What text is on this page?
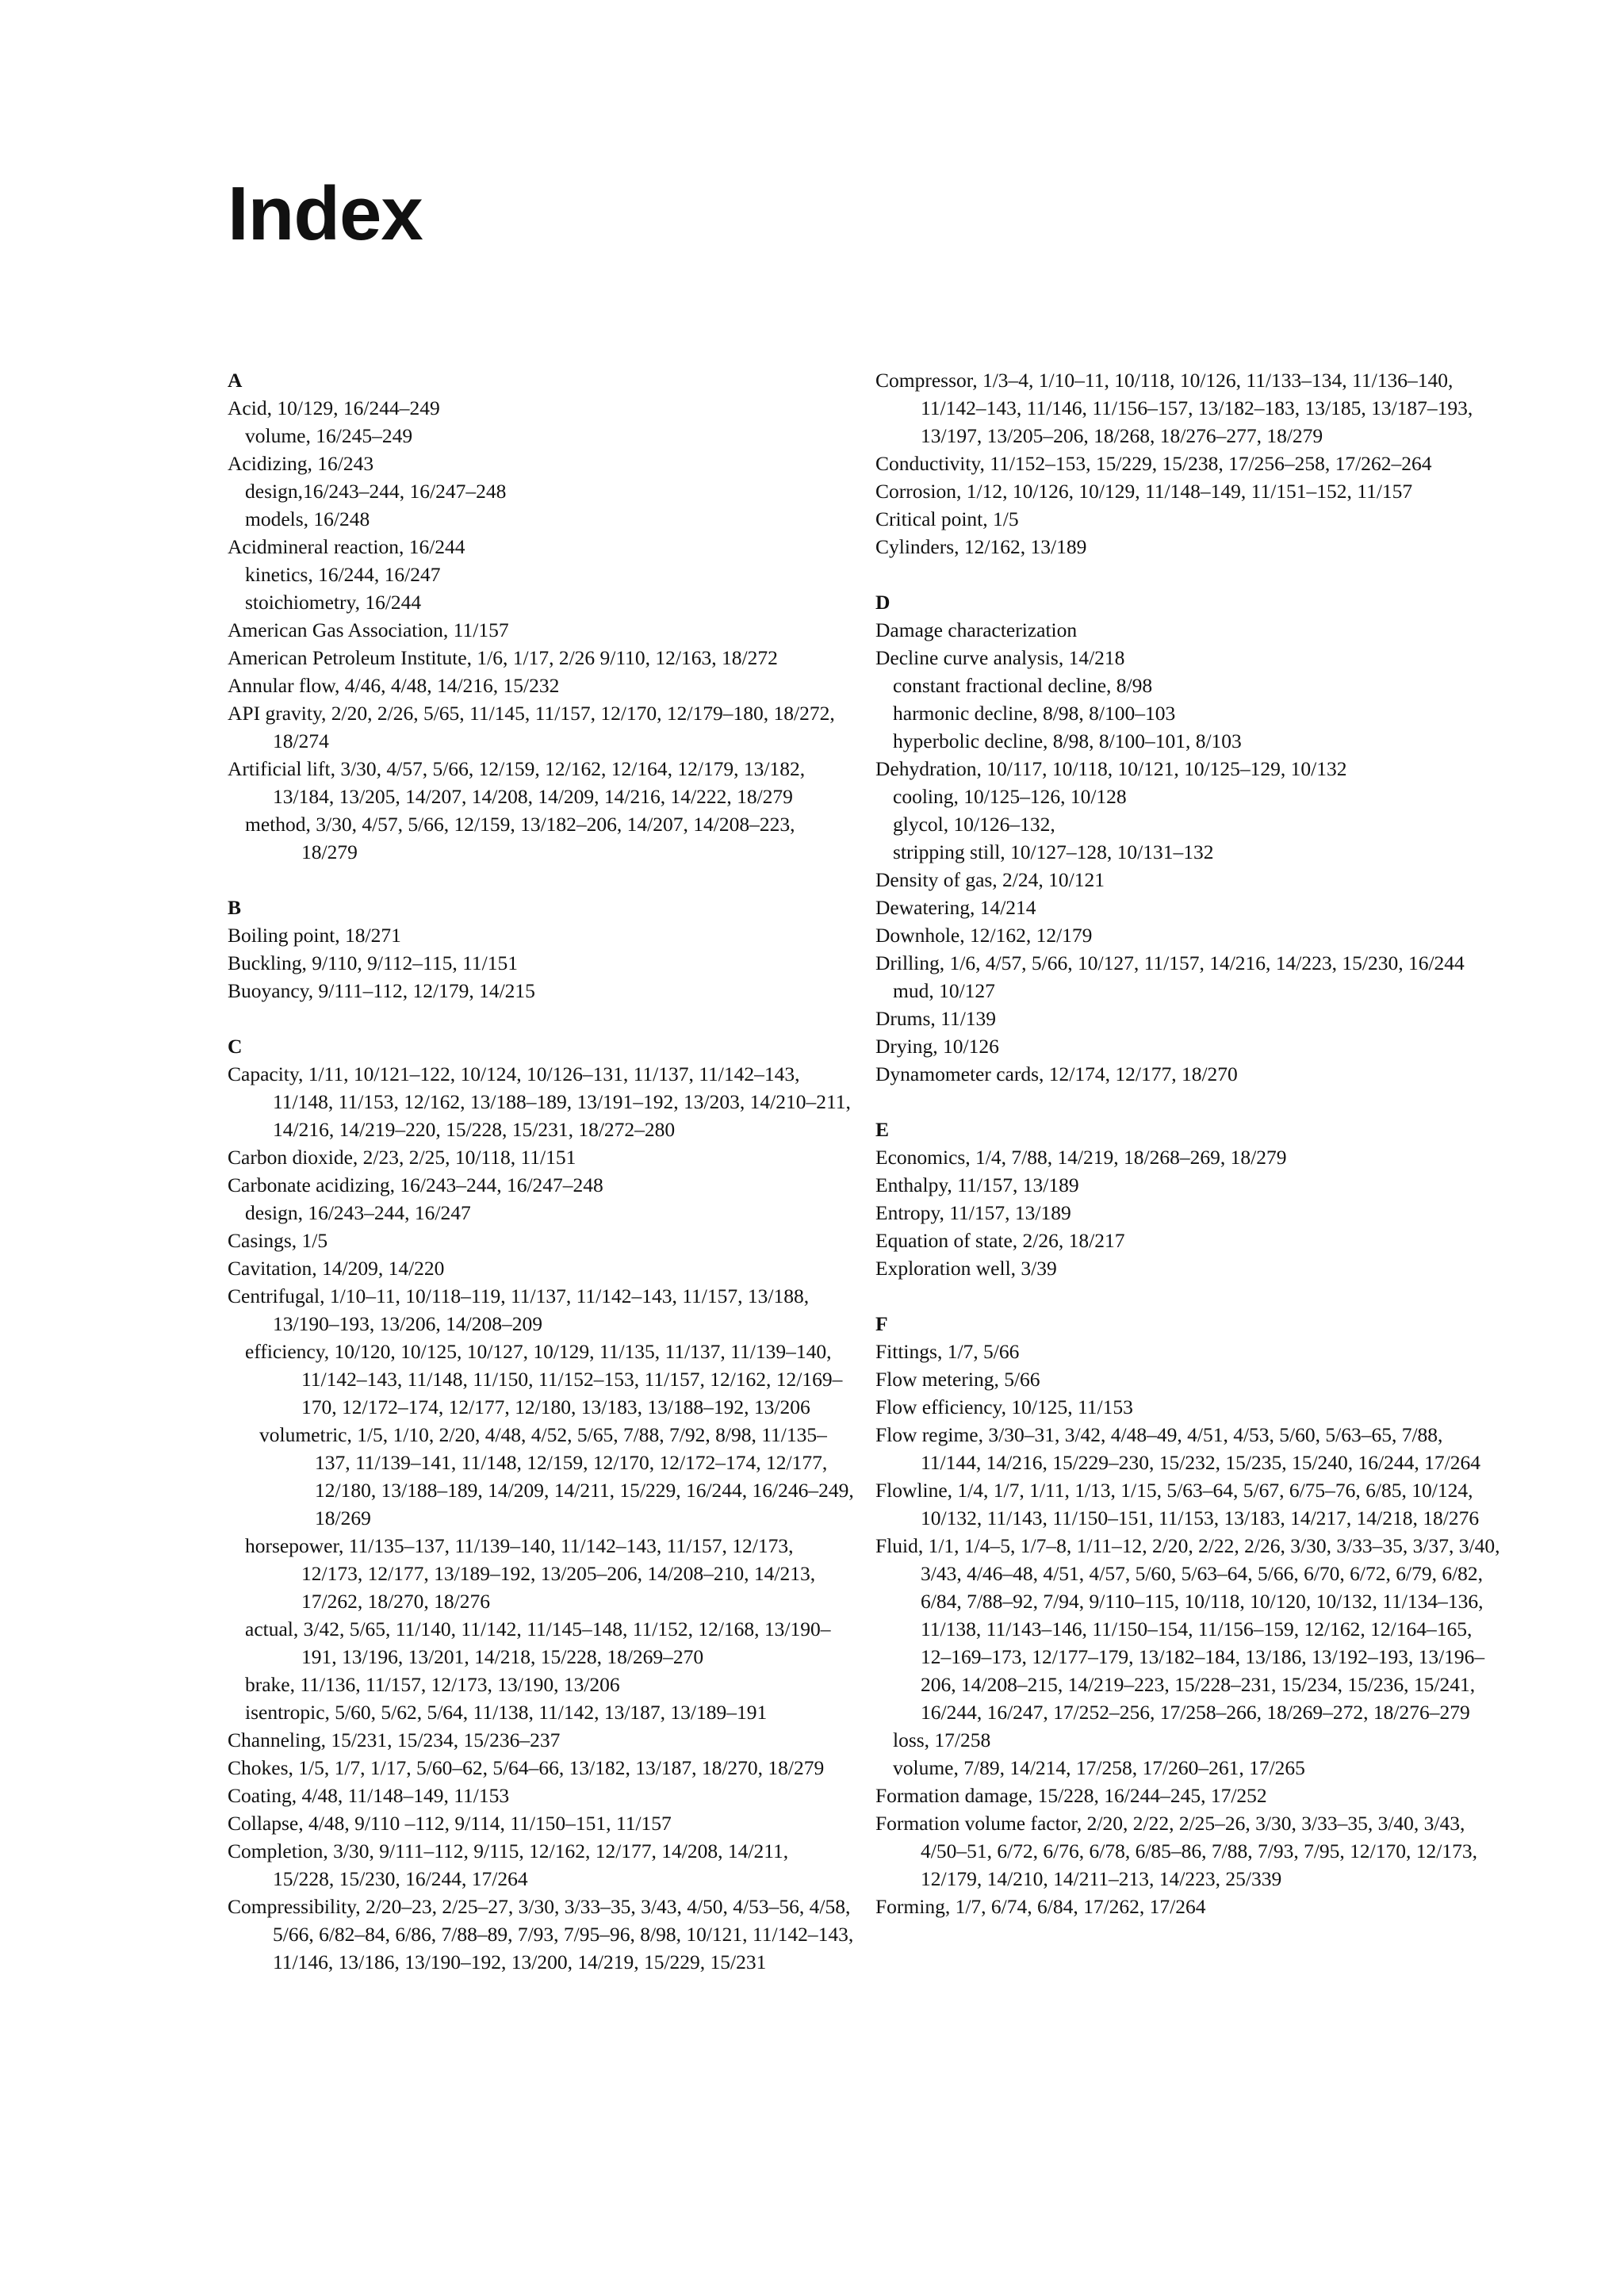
Index
A
Acid, 10/129, 16/244–249
volume, 16/245–249
Acidizing, 16/243
design,16/243–244, 16/247–248
models, 16/248
Acidmineral reaction, 16/244
kinetics, 16/244, 16/247
stoichiometry, 16/244
American Gas Association, 11/157
American Petroleum Institute, 1/6, 1/17, 2/26 9/110, 12/163, 18/272
Annular flow, 4/46, 4/48, 14/216, 15/232
API gravity, 2/20, 2/26, 5/65, 11/145, 11/157, 12/170, 12/179–180, 18/272, 18/274
Artificial lift, 3/30, 4/57, 5/66, 12/159, 12/162, 12/164, 12/179, 13/182, 13/184, 13/205, 14/207, 14/208, 14/209, 14/216, 14/222, 18/279
method, 3/30, 4/57, 5/66, 12/159, 13/182–206, 14/207, 14/208–223, 18/279
B
Boiling point, 18/271
Buckling, 9/110, 9/112–115, 11/151
Buoyancy, 9/111–112, 12/179, 14/215
C
Capacity, 1/11, 10/121–122, 10/124, 10/126–131, 11/137, 11/142–143, 11/148, 11/153, 12/162, 13/188–189, 13/191–192, 13/203, 14/210–211, 14/216, 14/219–220, 15/228, 15/231, 18/272–280
Carbon dioxide, 2/23, 2/25, 10/118, 11/151
Carbonate acidizing, 16/243–244, 16/247–248
design, 16/243–244, 16/247
Casings, 1/5
Cavitation, 14/209, 14/220
Centrifugal, 1/10–11, 10/118–119, 11/137, 11/142–143, 11/157, 13/188, 13/190–193, 13/206, 14/208–209
efficiency, 10/120, 10/125, 10/127, 10/129, 11/135, 11/137, 11/139–140, 11/142–143, 11/148, 11/150, 11/152–153, 11/157, 12/162, 12/169–170, 12/172–174, 12/177, 12/180, 13/183, 13/188–192, 13/206
volumetric, 1/5, 1/10, 2/20, 4/48, 4/52, 5/65, 7/88, 7/92, 8/98, 11/135–137, 11/139–141, 11/148, 12/159, 12/170, 12/172–174, 12/177, 12/180, 13/188–189, 14/209, 14/211, 15/229, 16/244, 16/246–249, 18/269
horsepower, 11/135–137, 11/139–140, 11/142–143, 11/157, 12/173, 12/173, 12/177, 13/189–192, 13/205–206, 14/208–210, 14/213, 17/262, 18/270, 18/276
actual, 3/42, 5/65, 11/140, 11/142, 11/145–148, 11/152, 12/168, 13/190–191, 13/196, 13/201, 14/218, 15/228, 18/269–270
brake, 11/136, 11/157, 12/173, 13/190, 13/206
isentropic, 5/60, 5/62, 5/64, 11/138, 11/142, 13/187, 13/189–191
Channeling, 15/231, 15/234, 15/236–237
Chokes, 1/5, 1/7, 1/17, 5/60–62, 5/64–66, 13/182, 13/187, 18/270, 18/279
Coating, 4/48, 11/148–149, 11/153
Collapse, 4/48, 9/110 –112, 9/114, 11/150–151, 11/157
Completion, 3/30, 9/111–112, 9/115, 12/162, 12/177, 14/208, 14/211, 15/228, 15/230, 16/244, 17/264
Compressibility, 2/20–23, 2/25–27, 3/30, 3/33–35, 3/43, 4/50, 4/53–56, 4/58, 5/66, 6/82–84, 6/86, 7/88–89, 7/93, 7/95–96, 8/98, 10/121, 11/142–143, 11/146, 13/186, 13/190–192, 13/200, 14/219, 15/229, 15/231
Compressor, 1/3–4, 1/10–11, 10/118, 10/126, 11/133–134, 11/136–140, 11/142–143, 11/146, 11/156–157, 13/182–183, 13/185, 13/187–193, 13/197, 13/205–206, 18/268, 18/276–277, 18/279
Conductivity, 11/152–153, 15/229, 15/238, 17/256–258, 17/262–264
Corrosion, 1/12, 10/126, 10/129, 11/148–149, 11/151–152, 11/157
Critical point, 1/5
Cylinders, 12/162, 13/189
D
Damage characterization
Decline curve analysis, 14/218
constant fractional decline, 8/98
harmonic decline, 8/98, 8/100–103
hyperbolic decline, 8/98, 8/100–101, 8/103
Dehydration, 10/117, 10/118, 10/121, 10/125–129, 10/132
cooling, 10/125–126, 10/128
glycol, 10/126–132,
stripping still, 10/127–128, 10/131–132
Density of gas, 2/24, 10/121
Dewatering, 14/214
Downhole, 12/162, 12/179
Drilling, 1/6, 4/57, 5/66, 10/127, 11/157, 14/216, 14/223, 15/230, 16/244
mud, 10/127
Drums, 11/139
Drying, 10/126
Dynamometer cards, 12/174, 12/177, 18/270
E
Economics, 1/4, 7/88, 14/219, 18/268–269, 18/279
Enthalpy, 11/157, 13/189
Entropy, 11/157, 13/189
Equation of state, 2/26, 18/217
Exploration well, 3/39
F
Fittings, 1/7, 5/66
Flow metering, 5/66
Flow efficiency, 10/125, 11/153
Flow regime, 3/30–31, 3/42, 4/48–49, 4/51, 4/53, 5/60, 5/63–65, 7/88, 11/144, 14/216, 15/229–230, 15/232, 15/235, 15/240, 16/244, 17/264
Flowline, 1/4, 1/7, 1/11, 1/13, 1/15, 5/63–64, 5/67, 6/75–76, 6/85, 10/124, 10/132, 11/143, 11/150–151, 11/153, 13/183, 14/217, 14/218, 18/276
Fluid, 1/1, 1/4–5, 1/7–8, 1/11–12, 2/20, 2/22, 2/26, 3/30, 3/33–35, 3/37, 3/40, 3/43, 4/46–48, 4/51, 4/57, 5/60, 5/63–64, 5/66, 6/70, 6/72, 6/79, 6/82, 6/84, 7/88–92, 7/94, 9/110–115, 10/118, 10/120, 10/132, 11/134–136, 11/138, 11/143–146, 11/150–154, 11/156–159, 12/162, 12/164–165, 12–169–173, 12/177–179, 13/182–184, 13/186, 13/192–193, 13/196–206, 14/208–215, 14/219–223, 15/228–231, 15/234, 15/236, 15/241, 16/244, 16/247, 17/252–256, 17/258–266, 18/269–272, 18/276–279
loss, 17/258
volume, 7/89, 14/214, 17/258, 17/260–261, 17/265
Formation damage, 15/228, 16/244–245, 17/252
Formation volume factor, 2/20, 2/22, 2/25–26, 3/30, 3/33–35, 3/40, 3/43, 4/50–51, 6/72, 6/76, 6/78, 6/85–86, 7/88, 7/93, 7/95, 12/170, 12/173, 12/179, 14/210, 14/211–213, 14/223, 25/339
Forming, 1/7, 6/74, 6/84, 17/262, 17/264
